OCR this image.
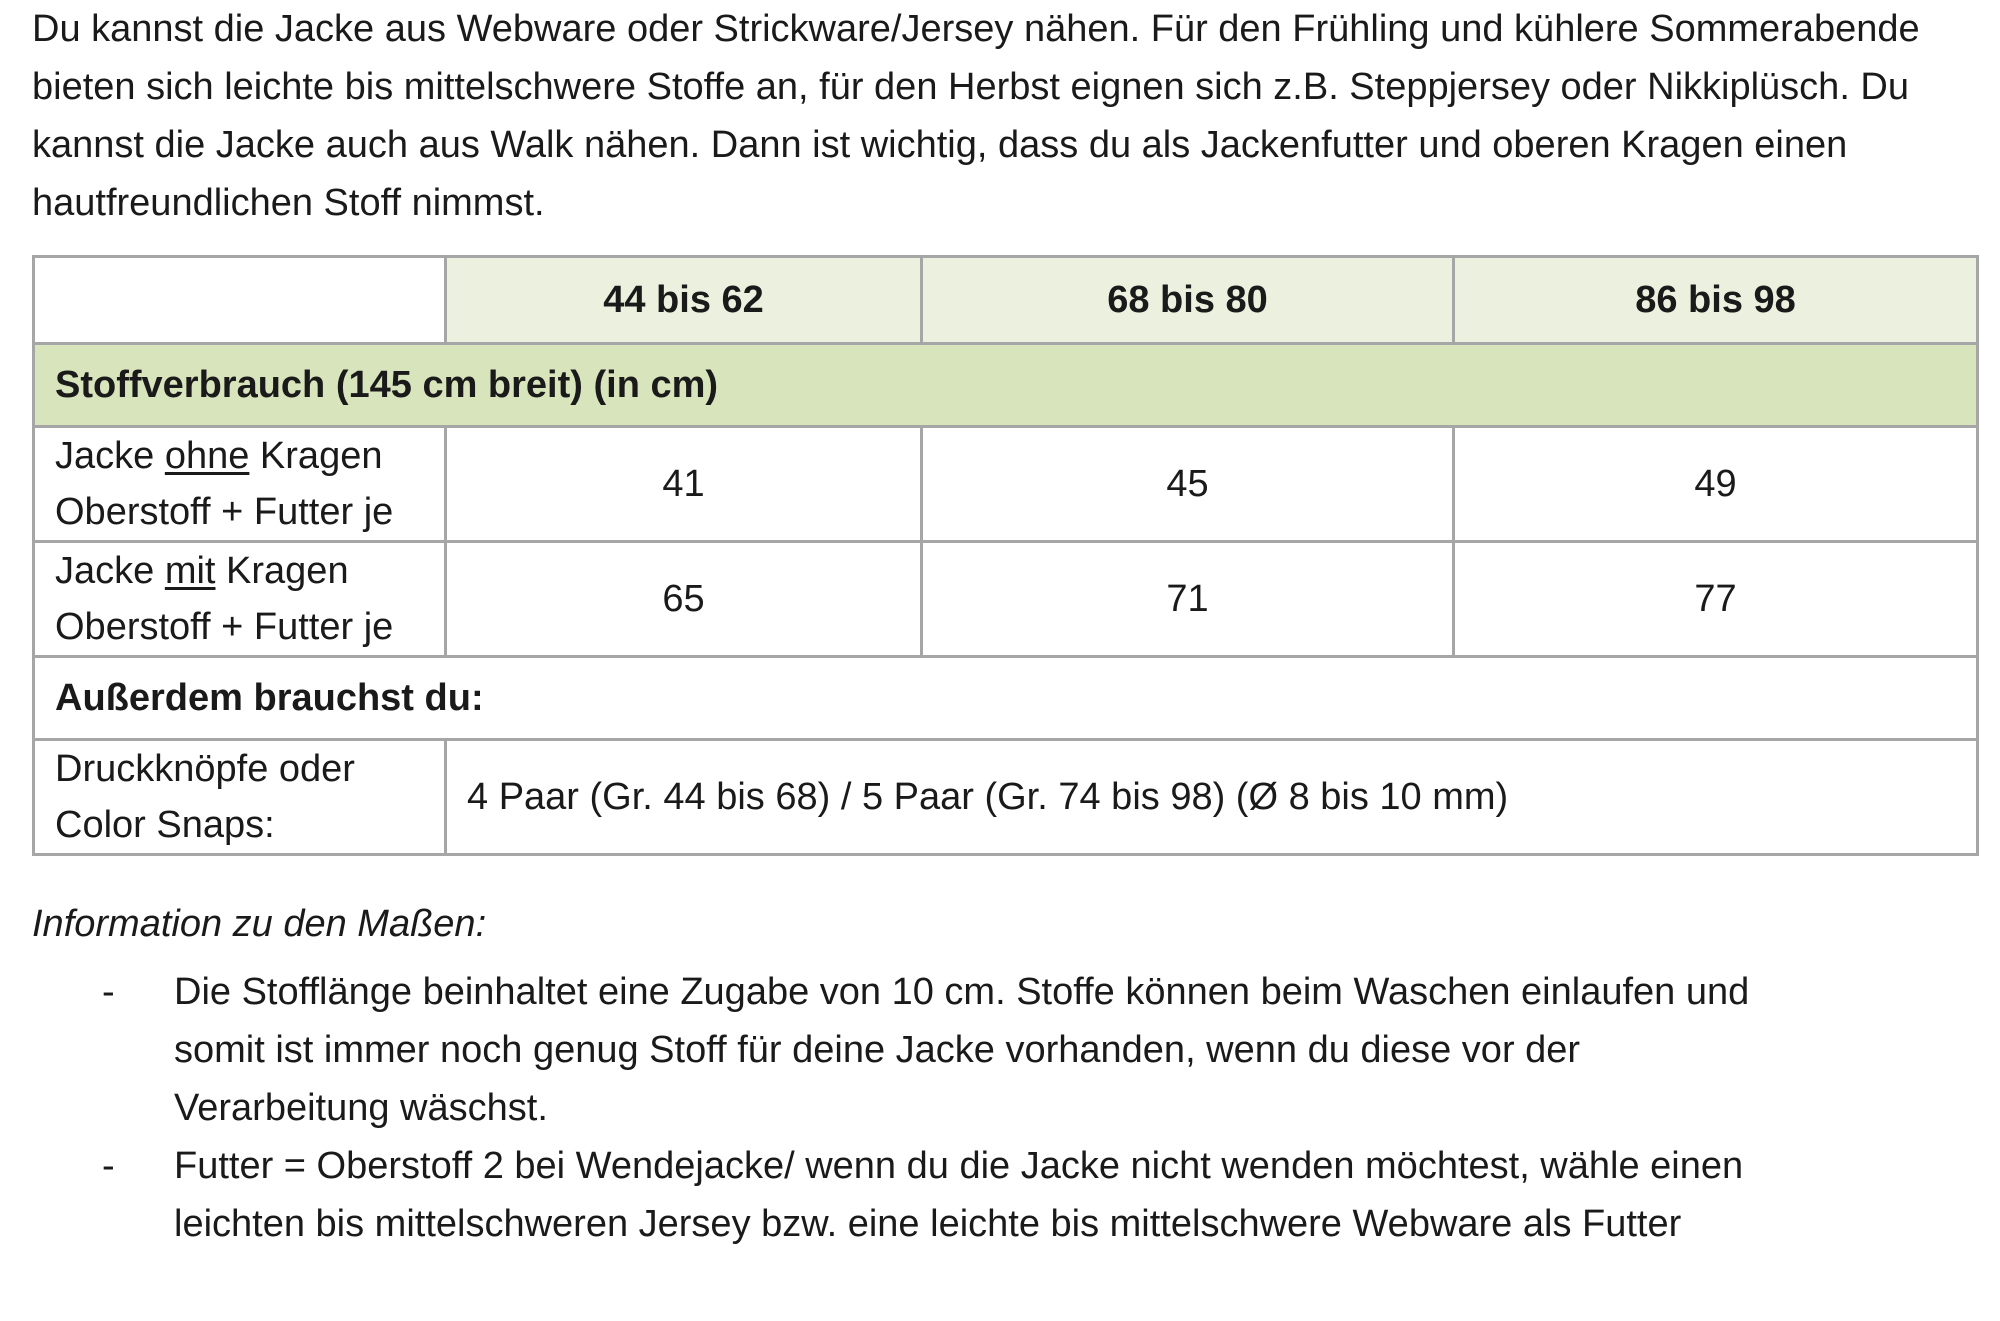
Du kannst die Jacke aus Webware oder Strickware/Jersey nähen. Für den Frühling und kühlere Sommerabende bieten sich leichte bis mittelschwere Stoffe an, für den Herbst eignen sich z.B. Steppjersey oder Nikkiplüsch. Du kannst die Jacke auch aus Walk nähen. Dann ist wichtig, dass du als Jackenfutter und oberen Kragen einen hautfreundlichen Stoff nimmst.

	44 bis 62	68 bis 80	86 bis 98
Stoffverbrauch (145 cm breit) (in cm)			
Jacke ohne Kragen
Oberstoff + Futter je	41	45	49
Jacke mit Kragen
Oberstoff + Futter je	65	71	77
Außerdem brauchst du:			
Druckknöpfe oder
Color Snaps:	4 Paar (Gr. 44 bis 68) / 5 Paar (Gr. 74 bis 98) (Ø 8 bis 10 mm)		

Information zu den Maßen:

- Die Stofflänge beinhaltet eine Zugabe von 10 cm. Stoffe können beim Waschen einlaufen und somit ist immer noch genug Stoff für deine Jacke vorhanden, wenn du diese vor der Verarbeitung wäschst.
- Futter = Oberstoff 2 bei Wendejacke/ wenn du die Jacke nicht wenden möchtest, wähle einen leichten bis mittelschweren Jersey bzw. eine leichte bis mittelschwere Webware als Futter
